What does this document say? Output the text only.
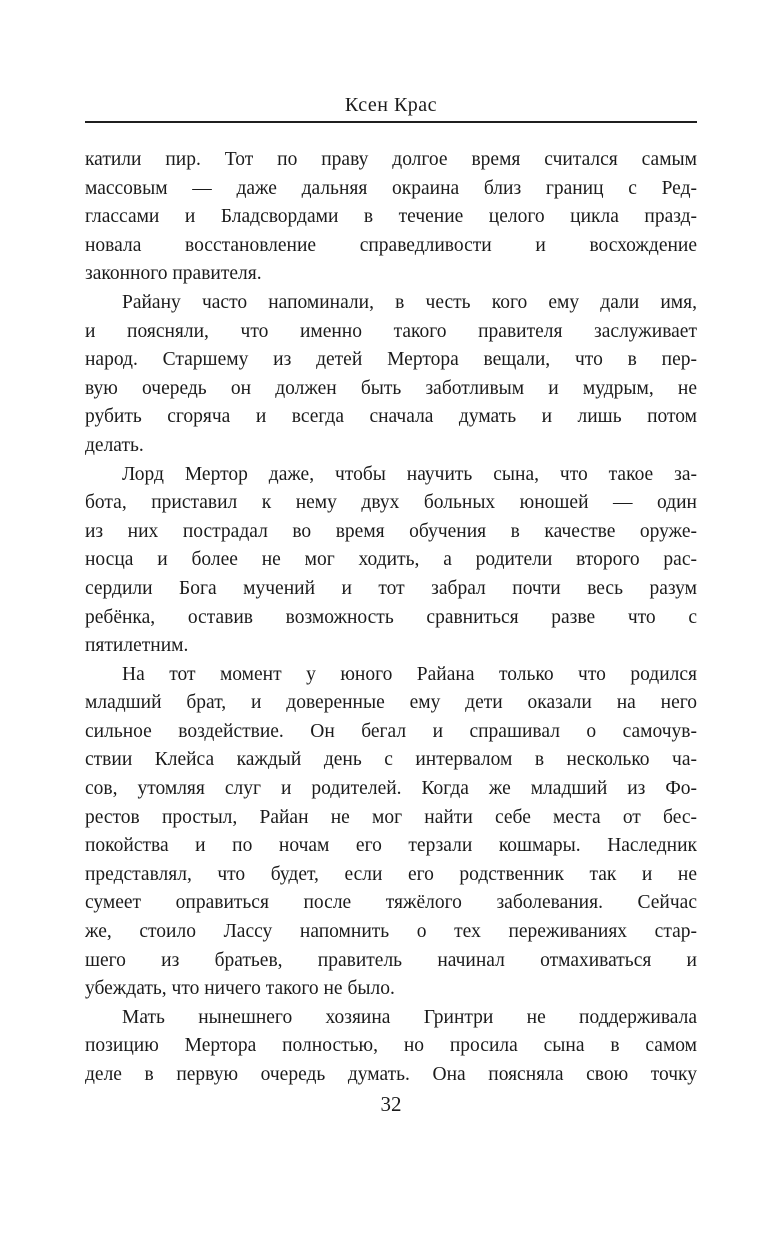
Ксен Крас

катили пир. Тот по праву долгое время считался самым
массовым — даже дальняя окраина близ границ с Ред-
глассами и Бладсвордами в течение целого цикла празд-
новала восстановление справедливости и восхождение
законного правителя.

Райану часто напоминали, в честь кого ему дали имя,
и поясняли, что именно такого правителя заслуживает
народ. Старшему из детей Мертора вещали, что в пер-
вую очередь он должен быть заботливым и мудрым, не
рубить сгоряча и всегда сначала думать и лишь потом
делать.

Лорд Мертор даже, чтобы научить сына, что такое за-
бота, приставил к нему двух больных юношей — один
из них пострадал во время обучения в качестве оруже-
носца и более не мог ходить, а родители второго рас-
сердили Бога мучений и тот забрал почти весь разум
ребёнка, оставив возможность сравниться разве что с
пятилетним.

На тот момент у юного Райана только что родился
младший брат, и доверенные ему дети оказали на него
сильное воздействие. Он бегал и спрашивал о самочув-
ствии Клейса каждый день с интервалом в несколько ча-
сов, утомляя слуг и родителей. Когда же младший из Фо-
рестов простыл, Райан не мог найти себе места от бес-
покойства и по ночам его терзали кошмары. Наследник
представлял, что будет, если его родственник так и не
сумеет оправиться после тяжёлого заболевания. Сейчас
же, стоило Лассу напомнить о тех переживаниях стар-
шего из братьев, правитель начинал отмахиваться и
убеждать, что ничего такого не было.

Мать нынешнего хозяина Гринтри не поддерживала
позицию Мертора полностью, но просила сына в самом
деле в первую очередь думать. Она поясняла свою точку

32
